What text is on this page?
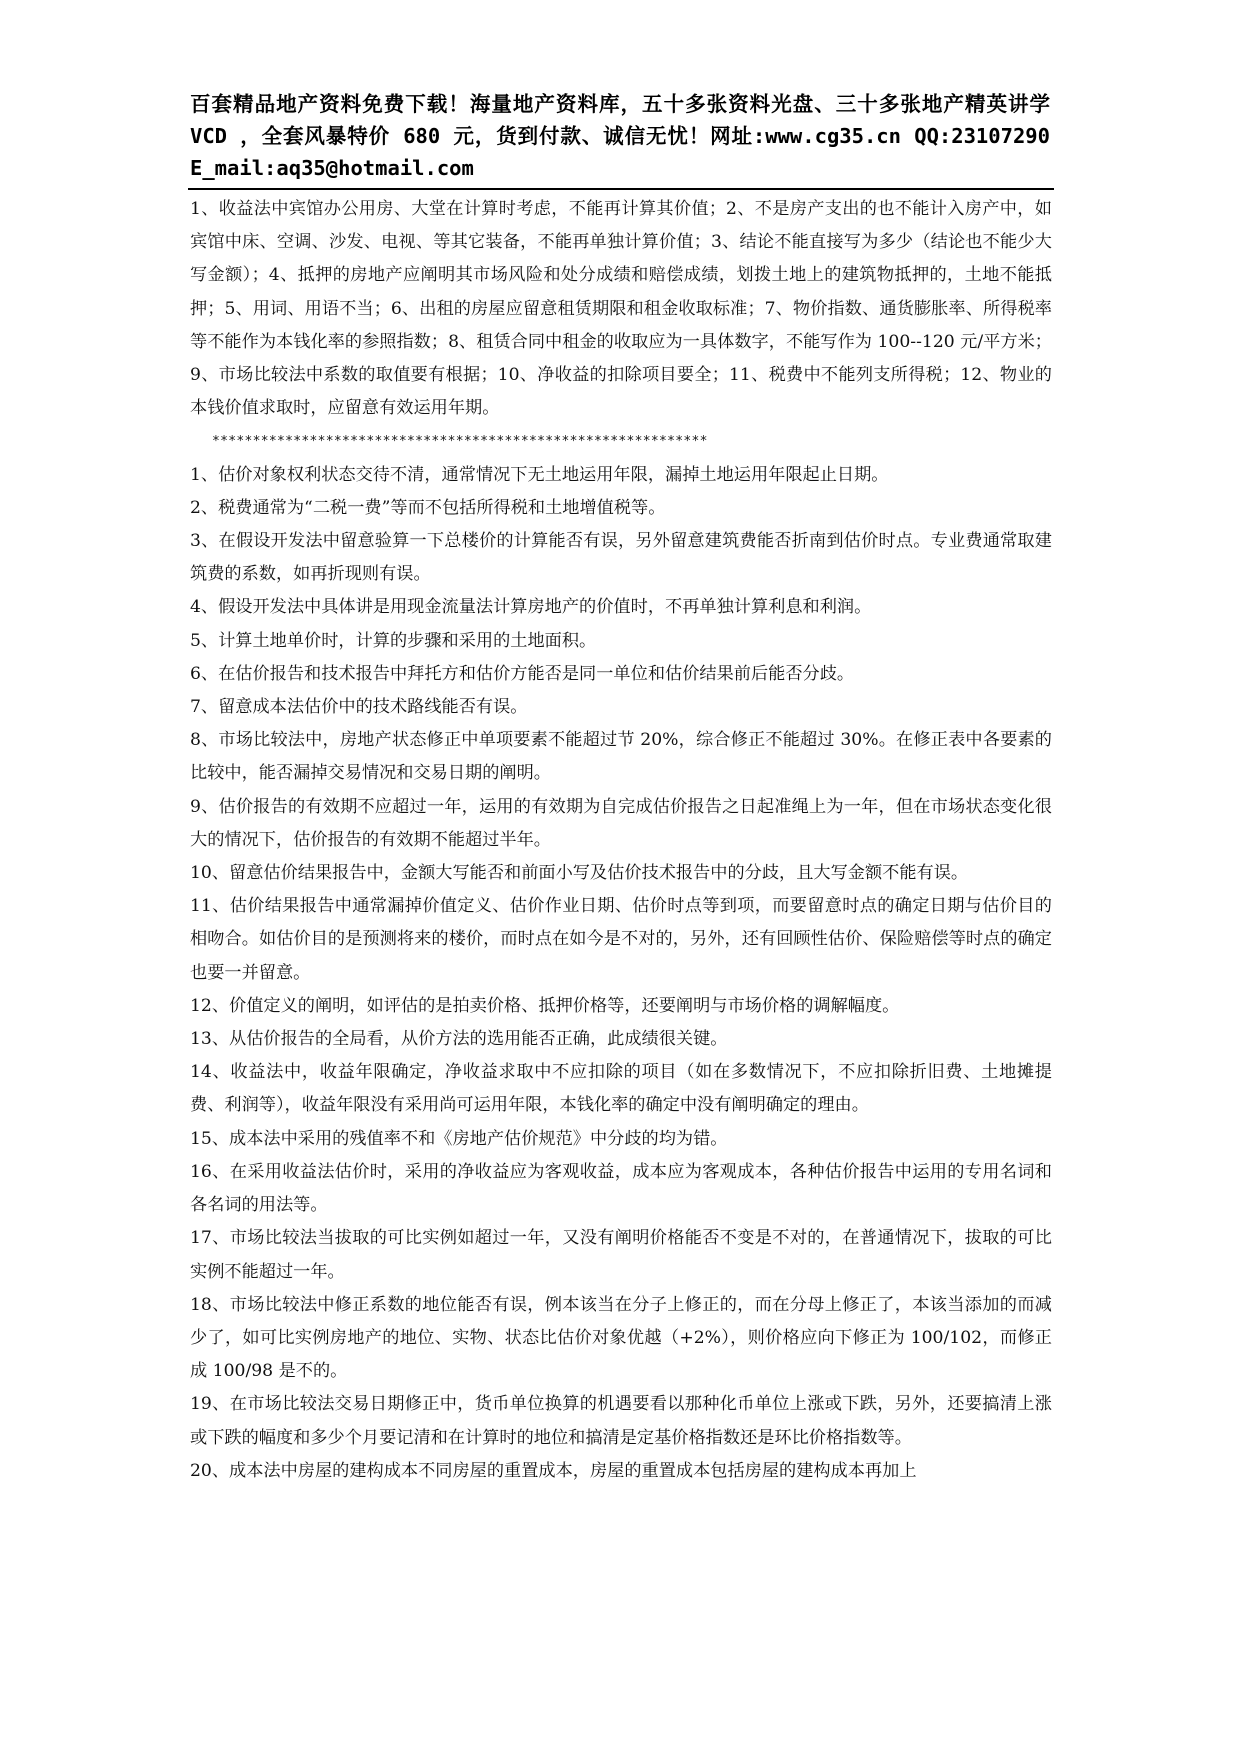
百套精品地产资料免费下载！海量地产资料库，五十多张资料光盘、三十多张地产精英讲学 VCD ，全套风暴特价 680 元，货到付款、诚信无忧！网址:www.cg35.cn QQ:23107290 E_mail:aq35@hotmail.com

1、收益法中宾馆办公用房、大堂在计算时考虑，不能再计算其价值；2、不是房产支出的也不能计入房产中，如宾馆中床、空调、沙发、电视、等其它装备，不能再单独计算价值；3、结论不能直接写为多少（结论也不能少大写金额）；4、抵押的房地产应阐明其市场风险和处分成绩和赔偿成绩，划拨土地上的建筑物抵押的，土地不能抵押；5、用词、用语不当；6、出租的房屋应留意租赁期限和租金收取标准；7、物价指数、通货膨胀率、所得税率等不能作为本钱化率的参照指数；8、租赁合同中租金的收取应为一具体数字，不能写作为 100--120 元/平方米；9、市场比较法中系数的取值要有根据；10、净收益的扣除项目要全；11、税费中不能列支所得税；12、物业的本钱价值求取时，应留意有效运用年期。

*************************************************************

1、估价对象权利状态交待不清，通常情况下无土地运用年限，漏掉土地运用年限起止日期。

2、税费通常为“二税一费”等而不包括所得税和土地增值税等。

3、在假设开发法中留意验算一下总楼价的计算能否有误，另外留意建筑费能否折南到估价时点。专业费通常取建筑费的系数，如再折现则有误。

4、假设开发法中具体讲是用现金流量法计算房地产的价值时，不再单独计算利息和利润。

5、计算土地单价时，计算的步骤和采用的土地面积。

6、在估价报告和技术报告中拜托方和估价方能否是同一单位和估价结果前后能否分歧。

7、留意成本法估价中的技术路线能否有误。

8、市场比较法中，房地产状态修正中单项要素不能超过节 20%，综合修正不能超过 30%。在修正表中各要素的比较中，能否漏掉交易情况和交易日期的阐明。

9、估价报告的有效期不应超过一年，运用的有效期为自完成估价报告之日起准绳上为一年，但在市场状态变化很大的情况下，估价报告的有效期不能超过半年。

10、留意估价结果报告中，金额大写能否和前面小写及估价技术报告中的分歧，且大写金额不能有误。

11、估价结果报告中通常漏掉价值定义、估价作业日期、估价时点等到项，而要留意时点的确定日期与估价目的相吻合。如估价目的是预测将来的楼价，而时点在如今是不对的，另外，还有回顾性估价、保险赔偿等时点的确定也要一并留意。

12、价值定义的阐明，如评估的是拍卖价格、抵押价格等，还要阐明与市场价格的调解幅度。

13、从估价报告的全局看，从价方法的选用能否正确，此成绩很关键。

14、收益法中，收益年限确定，净收益求取中不应扣除的项目（如在多数情况下，不应扣除折旧费、土地摊提费、利润等），收益年限没有采用尚可运用年限，本钱化率的确定中没有阐明确定的理由。

15、成本法中采用的残值率不和《房地产估价规范》中分歧的均为错。

16、在采用收益法估价时，采用的净收益应为客观收益，成本应为客观成本，各种估价报告中运用的专用名词和各名词的用法等。

17、市场比较法当拔取的可比实例如超过一年，又没有阐明价格能否不变是不对的，在普通情况下，拔取的可比实例不能超过一年。

18、市场比较法中修正系数的地位能否有误，例本该当在分子上修正的，而在分母上修正了，本该当添加的而减少了，如可比实例房地产的地位、实物、状态比估价对象优越（+2%），则价格应向下修正为 100/102，而修正成 100/98 是不的。

19、在市场比较法交易日期修正中，货币单位换算的机遇要看以那种化币单位上涨或下跌，另外，还要搞清上涨或下跌的幅度和多少个月要记清和在计算时的地位和搞清是定基价格指数还是环比价格指数等。

20、成本法中房屋的建构成本不同房屋的重置成本，房屋的重置成本包括房屋的建构成本再加上
